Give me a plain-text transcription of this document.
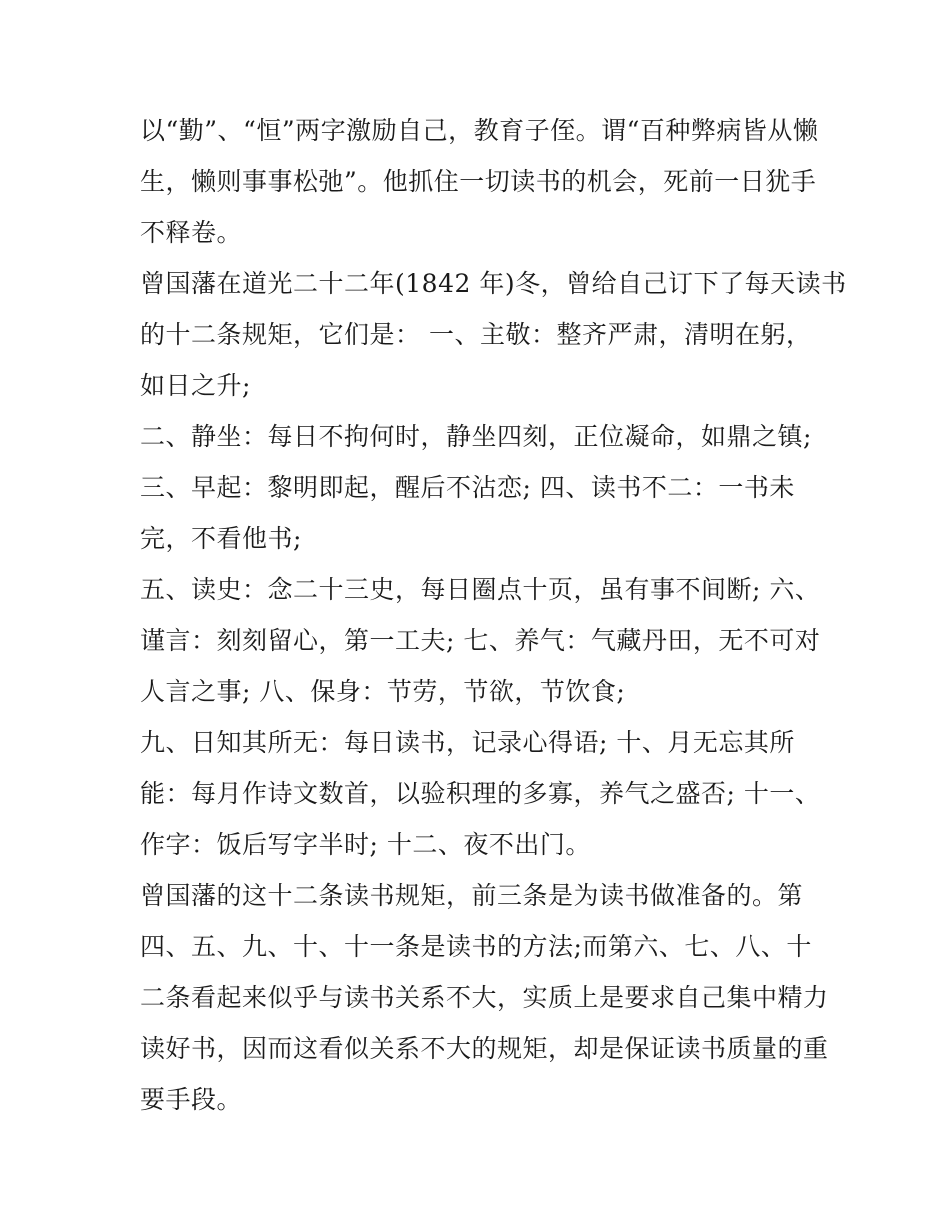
以“勤”、“恒”两字激励自己，教育子侄。谓“百种弊病皆从懒
生，懒则事事松弛”。他抓住一切读书的机会，死前一日犹手
不释卷。
曾国藩在道光二十二年(1842 年)冬，曾给自己订下了每天读书
的十二条规矩，它们是： 一、主敬：整齐严肃，清明在躬，
如日之升;
二、静坐：每日不拘何时，静坐四刻，正位凝命，如鼎之镇;
三、早起：黎明即起，醒后不沾恋; 四、读书不二：一书未
完，不看他书;
五、读史：念二十三史，每日圈点十页，虽有事不间断; 六、
谨言：刻刻留心，第一工夫; 七、养气：气藏丹田，无不可对
人言之事; 八、保身：节劳，节欲，节饮食;
九、日知其所无：每日读书，记录心得语; 十、月无忘其所
能：每月作诗文数首，以验积理的多寡，养气之盛否; 十一、
作字：饭后写字半时; 十二、夜不出门。
曾国藩的这十二条读书规矩，前三条是为读书做准备的。第
四、五、九、十、十一条是读书的方法;而第六、七、八、十
二条看起来似乎与读书关系不大，实质上是要求自己集中精力
读好书，因而这看似关系不大的规矩，却是保证读书质量的重
要手段。
